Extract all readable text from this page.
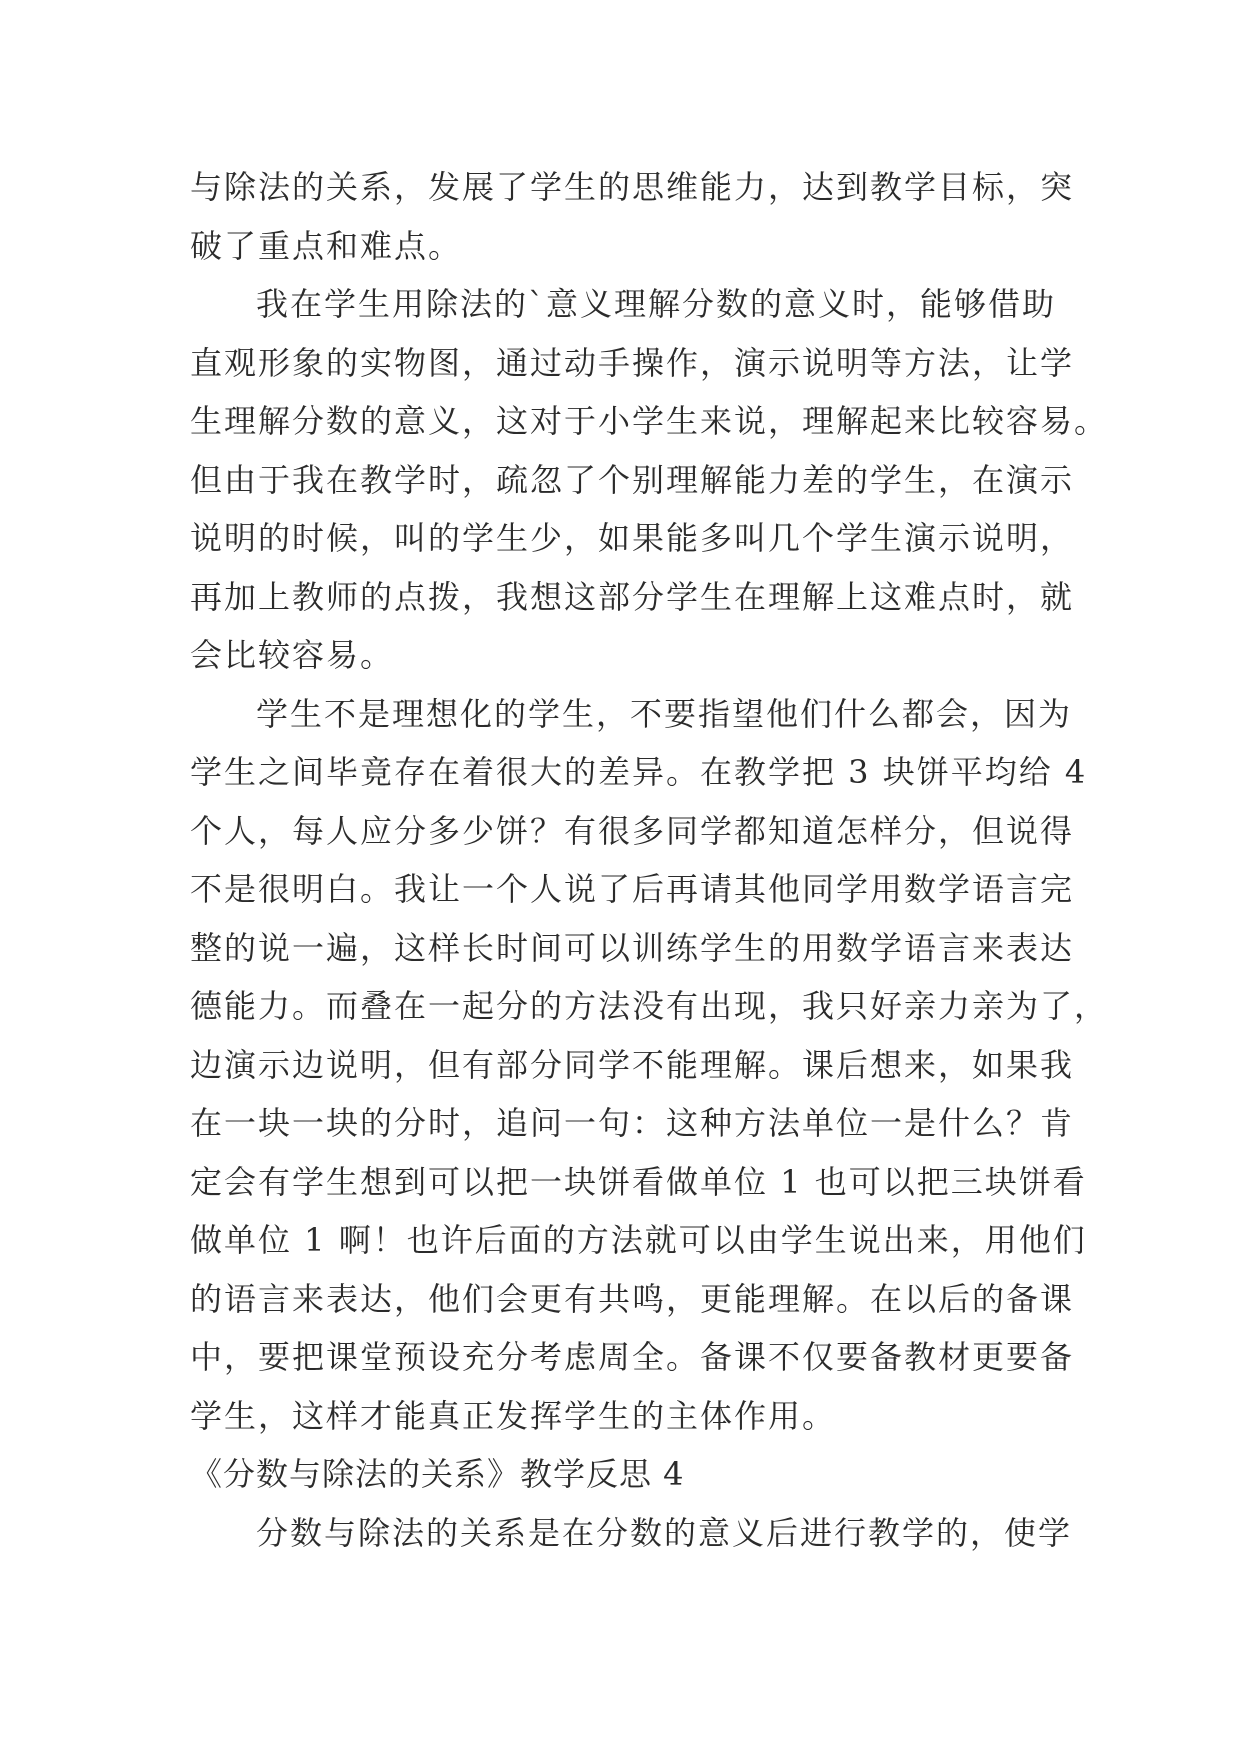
与除法的关系，发展了学生的思维能力，达到教学目标，突
破了重点和难点。
我在学生用除法的`意义理解分数的意义时，能够借助
直观形象的实物图，通过动手操作，演示说明等方法，让学
生理解分数的意义，这对于小学生来说，理解起来比较容易。
但由于我在教学时，疏忽了个别理解能力差的学生，在演示
说明的时候，叫的学生少，如果能多叫几个学生演示说明，
再加上教师的点拨，我想这部分学生在理解上这难点时，就
会比较容易。
学生不是理想化的学生，不要指望他们什么都会，因为
学生之间毕竟存在着很大的差异。在教学把 3 块饼平均给 4
个人，每人应分多少饼？有很多同学都知道怎样分，但说得
不是很明白。我让一个人说了后再请其他同学用数学语言完
整的说一遍，这样长时间可以训练学生的用数学语言来表达
德能力。而叠在一起分的方法没有出现，我只好亲力亲为了，
边演示边说明，但有部分同学不能理解。课后想来，如果我
在一块一块的分时，追问一句：这种方法单位一是什么？肯
定会有学生想到可以把一块饼看做单位 1 也可以把三块饼看
做单位 1 啊！也许后面的方法就可以由学生说出来，用他们
的语言来表达，他们会更有共鸣，更能理解。在以后的备课
中，要把课堂预设充分考虑周全。备课不仅要备教材更要备
学生，这样才能真正发挥学生的主体作用。
《分数与除法的关系》教学反思 4
分数与除法的关系是在分数的意义后进行教学的，使学
